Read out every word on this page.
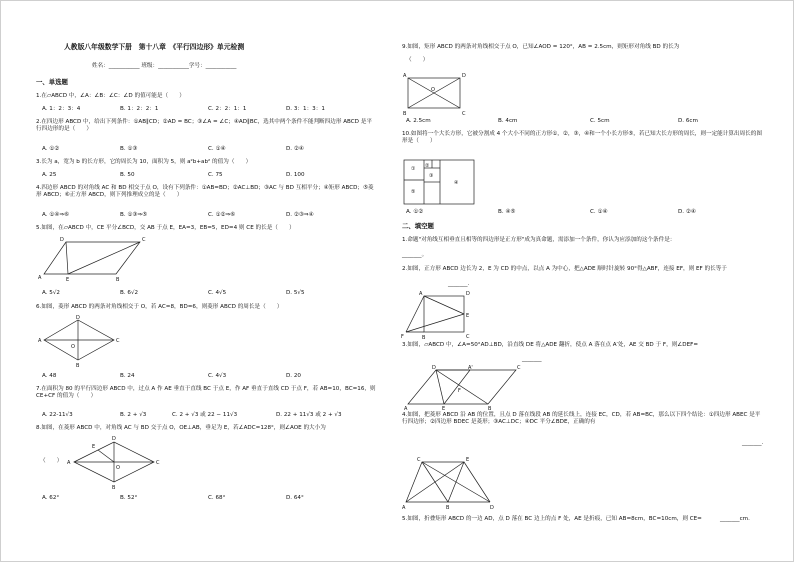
人教版八年级数学下册　第十八章　《平行四边形》单元检测
姓名：___________ 班级：___________学号：___________
一、单选题
1.在▱ABCD 中，∠A：∠B：∠C：∠D 的值可能是（　　）
A. 1：2：3：4	B. 1：2：2：1	C. 2：2：1：1	D. 3：1：3：1
2.在四边形 ABCD 中，给出下列条件：①AB∥CD；②AD = BC；③∠A = ∠C；④AD∥BC，选其中两个条件不能判断四边形 ABCD 是平行四边形的是（　　）
A. ①②	B. ①③	C. ①④	D. ②④
3.长为 a，宽为 b 的长方形，它的周长为 10，面积为 5，则 a²b+ab² 的值为（　　）
A. 25	B. 50	C. 75	D. 100
4.四边形 ABCD 的对角线 AC 和 BD 相交于点 O，设有下列条件：①AB=BD；②AC⊥BD；③AC 与 BD 互相平分；④矩形 ABCD；⑤菱形 ABCD；⑥正方形 ABCD，则下列推理成立的是（　　）
A. ①④⇒⑥	B. ①③⇒⑤	C. ①②⇒⑥	D. ②③⇒④
5.如图，在▱ABCD 中，CE 平分∠BCD，交 AB 于点 E，EA=3，EB=5，ED=4 则 CE 的长是（　　）
D	C
A	E	B
A. 5√2	B. 6√2	C. 4√5	D. 5√5
6.如图，菱形 ABCD 的两条对角线相交于 O，若 AC=8，BD=6，则菱形 ABCD 的周长是（　　）
D
A
O
C
B
A. 48	B. 24	C. 4√3	D. 20
7.在面积为 80 的平行四边形 ABCD 中，过点 A 作 AE 垂直于直线 BC 于点 E，作 AF 垂直于直线 CD 于点 F，若 AB=10，BC=16，则 CE+CF 的值为（　　）
A. 22-11√3	B. 2 + √3	C. 2 + √3 或 22 − 11√3	D. 22 + 11√3 或 2 + √3
8.如图，在菱形 ABCD 中，对角线 AC 与 BD 交于点 O，OE⊥AB，垂足为 E，若∠ADC=128°，则∠AOE 的大小为
（　　）
D
A
O
E
C
B
A. 62°	B. 52°	C. 68°	D. 64°
9.如图，矩形 ABCD 的两条对角线相交于点 O，已知∠AOD = 120°，AB = 2.5cm，则矩形对角线 BD 的长为
（　　）
A	D
O
B	C
A. 2.5cm	B. 4cm	C. 5cm	D. 6cm
10.如图将一个大长方形，它被分割成 4 个大小不同的正方形①，②，③，④和一个小长方形⑤，若已知大长方形的周长，则一定能计算出周长的图形是（　　）
① ②
⑤
③
④
A. ①②	B. ④⑤	C. ①④	D. ②④
二、填空题
1.命题"对角线互相垂直且相等的四边形是正方形"成为真命题，需添加一个条件，你认为应添加的这个条件是：
_______。
2.如图，正方形 ABCD 边长为 2，E 为 CD 的中点，以点 A 为中心，把△ADE 顺时针旋转 90°得△ABF，连接 EF，则 EF 的长等于
_______.
A	D
E
F	B	C
3.如图，▱ABCD 中，∠A=50°AD⊥BD，沿直线 DE 将△ADE 翻折，使点 A 落在点 A′处，AE 交 BD 于 F，则∠DEF=
_______
D	A'	C
F
A	E	B
4.如图，把菱形 ABCD 沿 AB 的位置，且点 D 落在线段 AB 的延长线上，连接 EC，CD，若 AB=BC，那么以下四个结论：①四边形 ABEC 是平行四边形；②四边形 BDEC 是菱形；③AC⊥DC；④DC 平分∠BDE，正确的有
_______.
C	E
A	B	D
5.如图，折叠矩形 ABCD 的一边 AD，点 D 落在 BC 边上的点 F 处，AE 是折痕，已知 AB=8cm，BC=10cm，则 CE=	_______cm.
